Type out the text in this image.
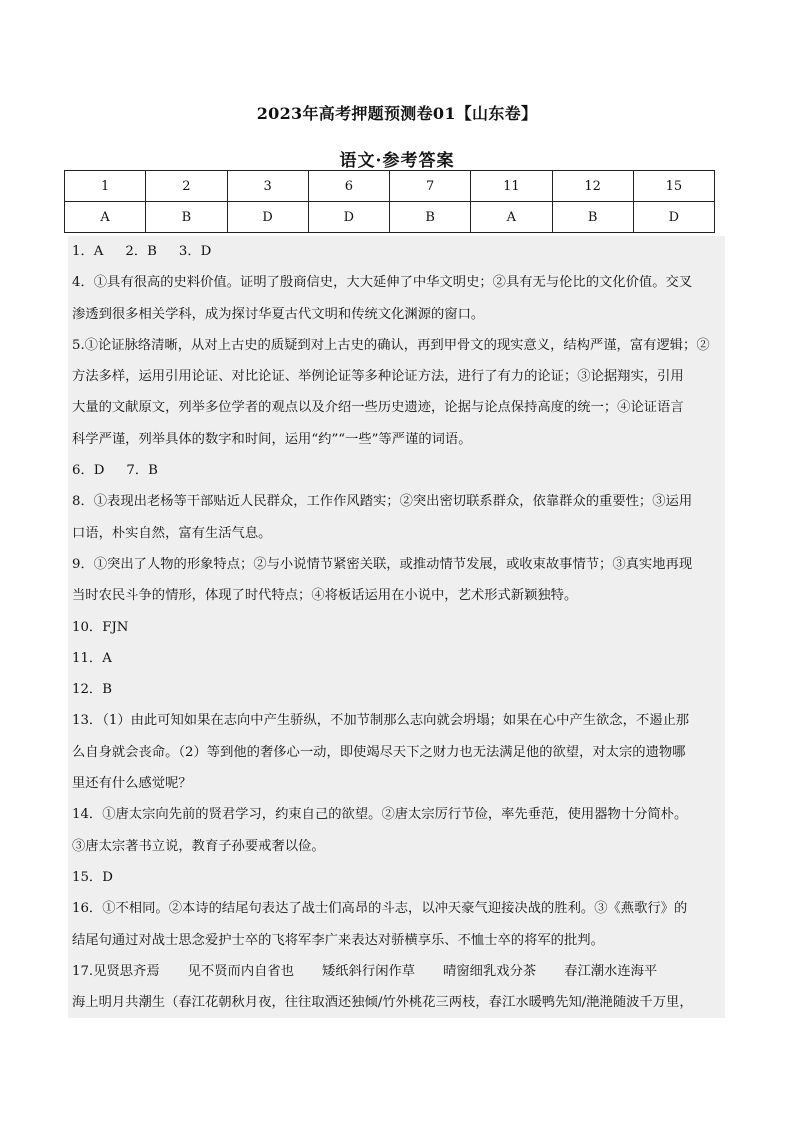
2023年高考押题预测卷01【山东卷】
语文·参考答案
1	2	3	6	7	11	12	15
A	B	D	D	B	A	B	D

1．A 2．B 3．D

4．①具有很高的史料价值。证明了殷商信史，大大延伸了中华文明史；②具有无与伦比的文化价值。交叉

渗透到很多相关学科，成为探讨华夏古代文明和传统文化渊源的窗口。

5.①论证脉络清晰，从对上古史的质疑到对上古史的确认，再到甲骨文的现实意义，结构严谨，富有逻辑；②

方法多样，运用引用论证、对比论证、举例论证等多种论证方法，进行了有力的论证；③论据翔实，引用

大量的文献原文，列举多位学者的观点以及介绍一些历史遗迹，论据与论点保持高度的统一；④论证语言

科学严谨，列举具体的数字和时间，运用“约”“一些”等严谨的词语。

6．D 7．B

8．①表现出老杨等干部贴近人民群众，工作作风踏实；②突出密切联系群众，依靠群众的重要性；③运用

口语，朴实自然，富有生活气息。

9．①突出了人物的形象特点；②与小说情节紧密关联，或推动情节发展，或收束故事情节；③真实地再现

当时农民斗争的情形，体现了时代特点；④将板话运用在小说中，艺术形式新颖独特。

10．FJN

11．A

12．B

13．（1）由此可知如果在志向中产生骄纵，不加节制那么志向就会坍塌；如果在心中产生欲念，不遏止那

么自身就会丧命。（2）等到他的奢侈心一动，即使竭尽天下之财力也无法满足他的欲望，对太宗的遗物哪

里还有什么感觉呢？

14．①唐太宗向先前的贤君学习，约束自己的欲望。②唐太宗厉行节俭，率先垂范，使用器物十分简朴。

③唐太宗著书立说，教育子孙要戒奢以俭。

15．D

16．①不相同。②本诗的结尾句表达了战士们高昂的斗志，以冲天豪气迎接决战的胜利。③《燕歌行》的

结尾句通过对战士思念爱护士卒的飞将军李广来表达对骄横享乐、不恤士卒的将军的批判。

17.见贤思齐焉 见不贤而内自省也 矮纸斜行闲作草 晴窗细乳戏分茶 春江潮水连海平

海上明月共潮生（春江花朝秋月夜，往往取酒还独倾/竹外桃花三两枝，春江水暖鸭先知/滟滟随波千万里，
